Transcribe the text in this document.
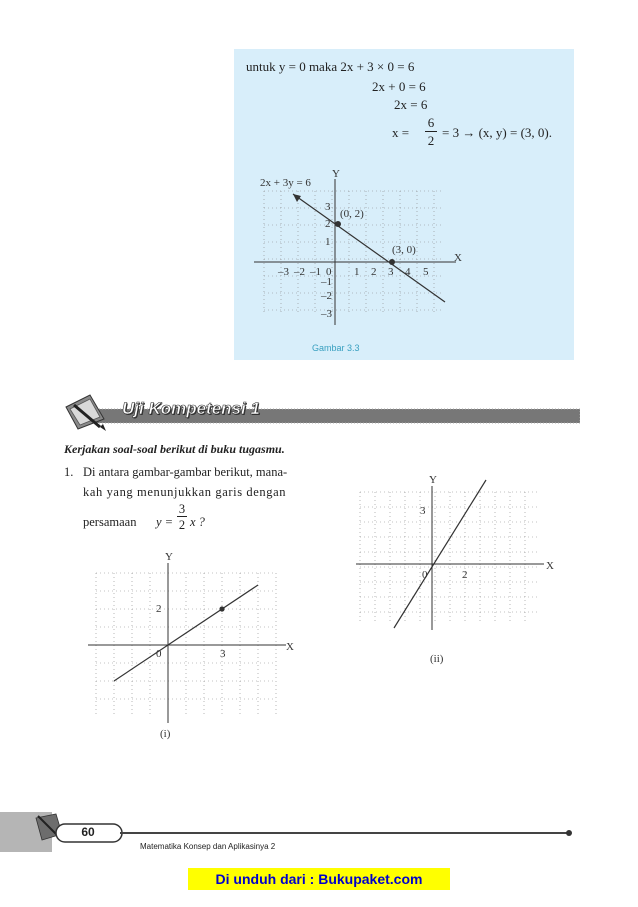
untuk y = 0 maka 2x + 3 × 0 = 6
2x + 0 = 6
2x = 6
x =
6
2
= 3 → (x, y) = (3, 0).
2x + 3y = 6
Y
X
(0, 2)
(3, 0)
–3 –2 –1 0 1 2 3 4 5
3
2
1
–1
–2
–3
Gambar 3.3
Uji Kompetensi 1
Kerjakan soal-soal berikut di buku tugasmu.
1. Di antara gambar-gambar berikut, mana-
kah yang menunjukkan garis dengan
persamaan y =
3
2 x ?
Y
X
0	3
2
(i)
Y
X
0	2
3
(ii)
60
Matematika Konsep dan Aplikasinya 2
Di unduh dari : Bukupaket.com
